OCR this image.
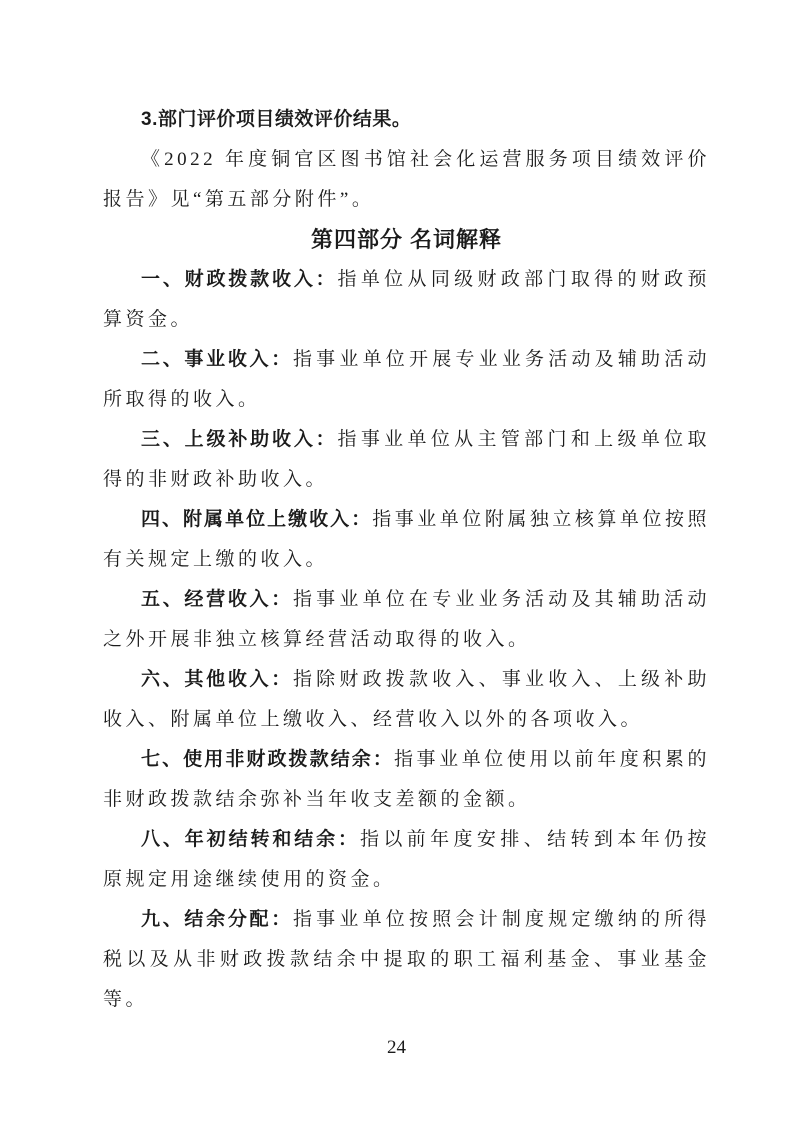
3.部门评价项目绩效评价结果。

《2022 年度铜官区图书馆社会化运营服务项目绩效评价报告》见“第五部分附件”。

第四部分 名词解释

一、财政拨款收入：指单位从同级财政部门取得的财政预算资金。

二、事业收入：指事业单位开展专业业务活动及辅助活动所取得的收入。

三、上级补助收入：指事业单位从主管部门和上级单位取得的非财政补助收入。

四、附属单位上缴收入：指事业单位附属独立核算单位按照有关规定上缴的收入。

五、经营收入：指事业单位在专业业务活动及其辅助活动之外开展非独立核算经营活动取得的收入。

六、其他收入：指除财政拨款收入、事业收入、上级补助收入、附属单位上缴收入、经营收入以外的各项收入。

七、使用非财政拨款结余：指事业单位使用以前年度积累的非财政拨款结余弥补当年收支差额的金额。

八、年初结转和结余：指以前年度安排、结转到本年仍按原规定用途继续使用的资金。

九、结余分配：指事业单位按照会计制度规定缴纳的所得税以及从非财政拨款结余中提取的职工福利基金、事业基金等。

24
